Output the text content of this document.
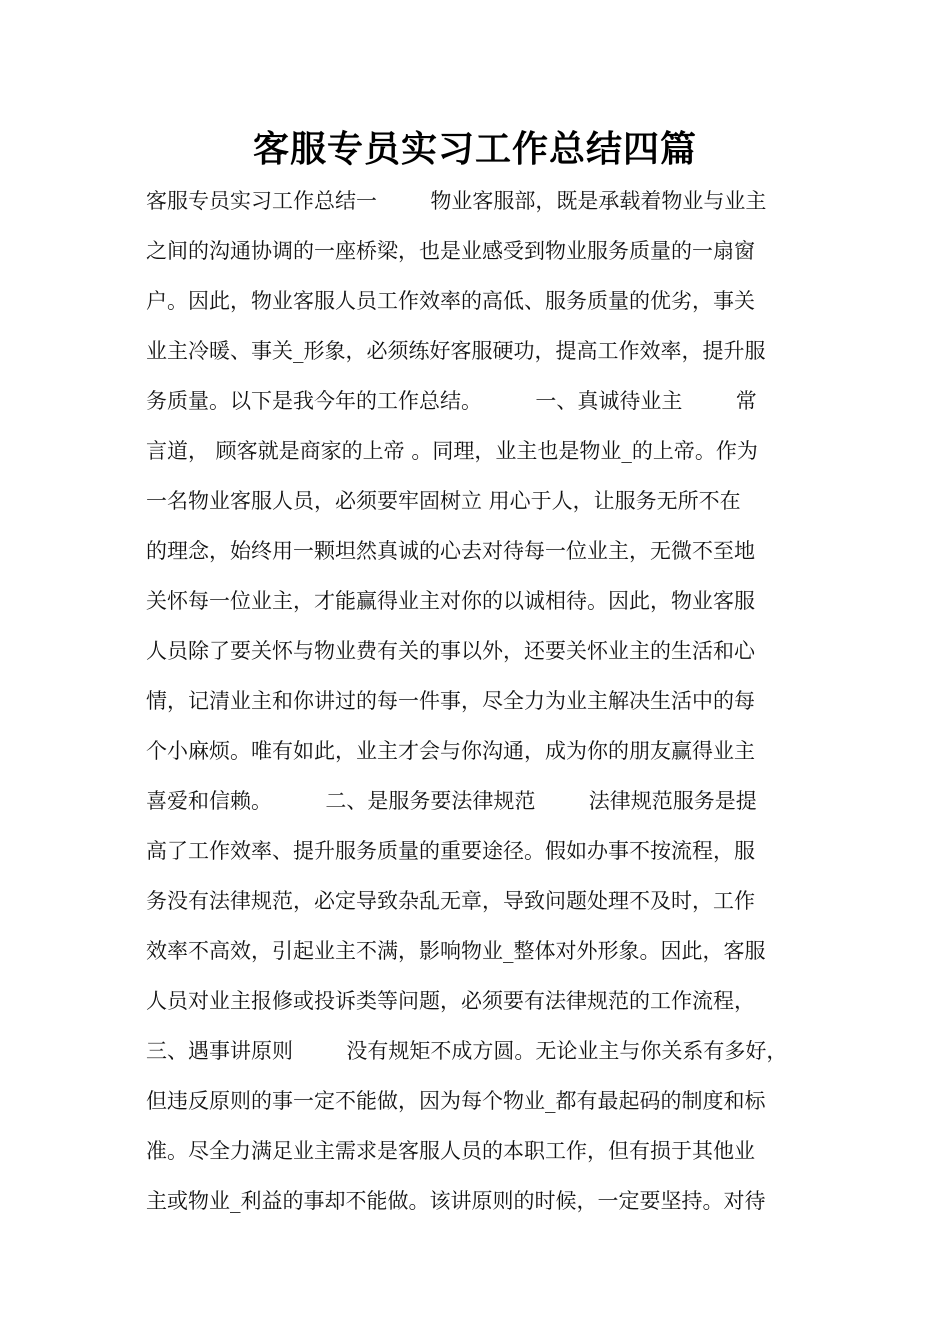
客服专员实习工作总结四篇
客服专员实习工作总结一        物业客服部，既是承载着物业与业主
之间的沟通协调的一座桥梁，也是业感受到物业服务质量的一扇窗
户。因此，物业客服人员工作效率的高低、服务质量的优劣，事关
业主冷暖、事关_形象，必须练好客服硬功，提高工作效率，提升服
务质量。以下是我今年的工作总结。        一、真诚待业主        常
言道， 顾客就是商家的上帝 。同理，业主也是物业_的上帝。作为
一名物业客服人员，必须要牢固树立 用心于人，让服务无所不在
的理念，始终用一颗坦然真诚的心去对待每一位业主，无微不至地
关怀每一位业主，才能赢得业主对你的以诚相待。因此，物业客服
人员除了要关怀与物业费有关的事以外，还要关怀业主的生活和心
情，记清业主和你讲过的每一件事，尽全力为业主解决生活中的每
个小麻烦。唯有如此，业主才会与你沟通，成为你的朋友赢得业主
喜爱和信赖。        二、是服务要法律规范        法律规范服务是提
高了工作效率、提升服务质量的重要途径。假如办事不按流程，服
务没有法律规范，必定导致杂乱无章，导致问题处理不及时，工作
效率不高效，引起业主不满，影响物业_整体对外形象。因此，客服
人员对业主报修或投诉类等问题，必须要有法律规范的工作流程，
三、遇事讲原则        没有规矩不成方圆。无论业主与你关系有多好，
但违反原则的事一定不能做，因为每个物业_都有最起码的制度和标
准。尽全力满足业主需求是客服人员的本职工作，但有损于其他业
主或物业_利益的事却不能做。该讲原则的时候，一定要坚持。对待
